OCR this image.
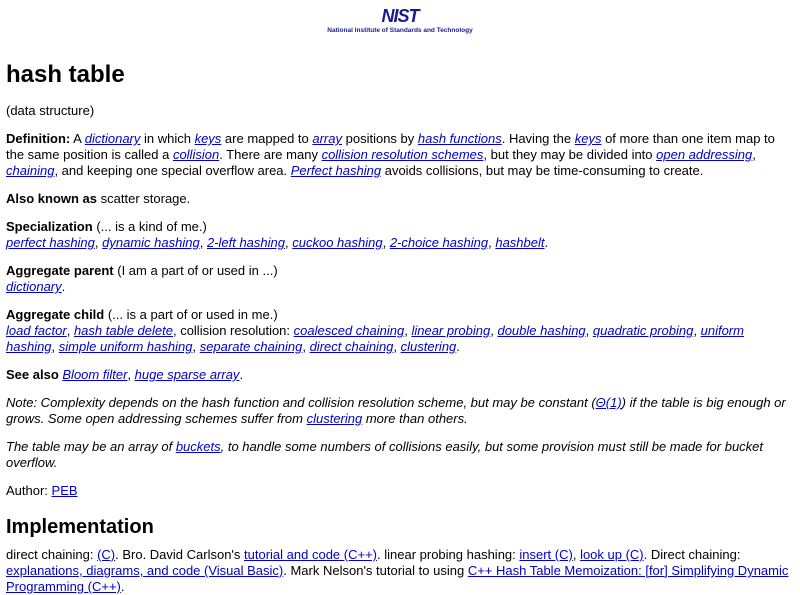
NIST
National Institute of Standards and Technology
hash table

(data structure)

Definition: A dictionary in which keys are mapped to array positions by hash functions. Having the keys of more than one item map to the same position is called a collision. There are many collision resolution schemes, but they may be divided into open addressing, chaining, and keeping one special overflow area. Perfect hashing avoids collisions, but may be time-consuming to create.

Also known as scatter storage.

Specialization (... is a kind of me.)
perfect hashing, dynamic hashing, 2-left hashing, cuckoo hashing, 2-choice hashing, hashbelt.

Aggregate parent (I am a part of or used in ...)
dictionary.

Aggregate child (... is a part of or used in me.)
load factor, hash table delete, collision resolution: coalesced chaining, linear probing, double hashing, quadratic probing, uniform hashing, simple uniform hashing, separate chaining, direct chaining, clustering.

See also Bloom filter, huge sparse array.

Note: Complexity depends on the hash function and collision resolution scheme, but may be constant (Θ(1)) if the table is big enough or grows. Some open addressing schemes suffer from clustering more than others.

The table may be an array of buckets, to handle some numbers of collisions easily, but some provision must still be made for bucket overflow.

Author: PEB

Implementation

direct chaining: (C). Bro. David Carlson's tutorial and code (C++). linear probing hashing: insert (C), look up (C). Direct chaining: explanations, diagrams, and code (Visual Basic). Mark Nelson's tutorial to using C++ Hash Table Memoization: [for] Simplifying Dynamic Programming (C++).
